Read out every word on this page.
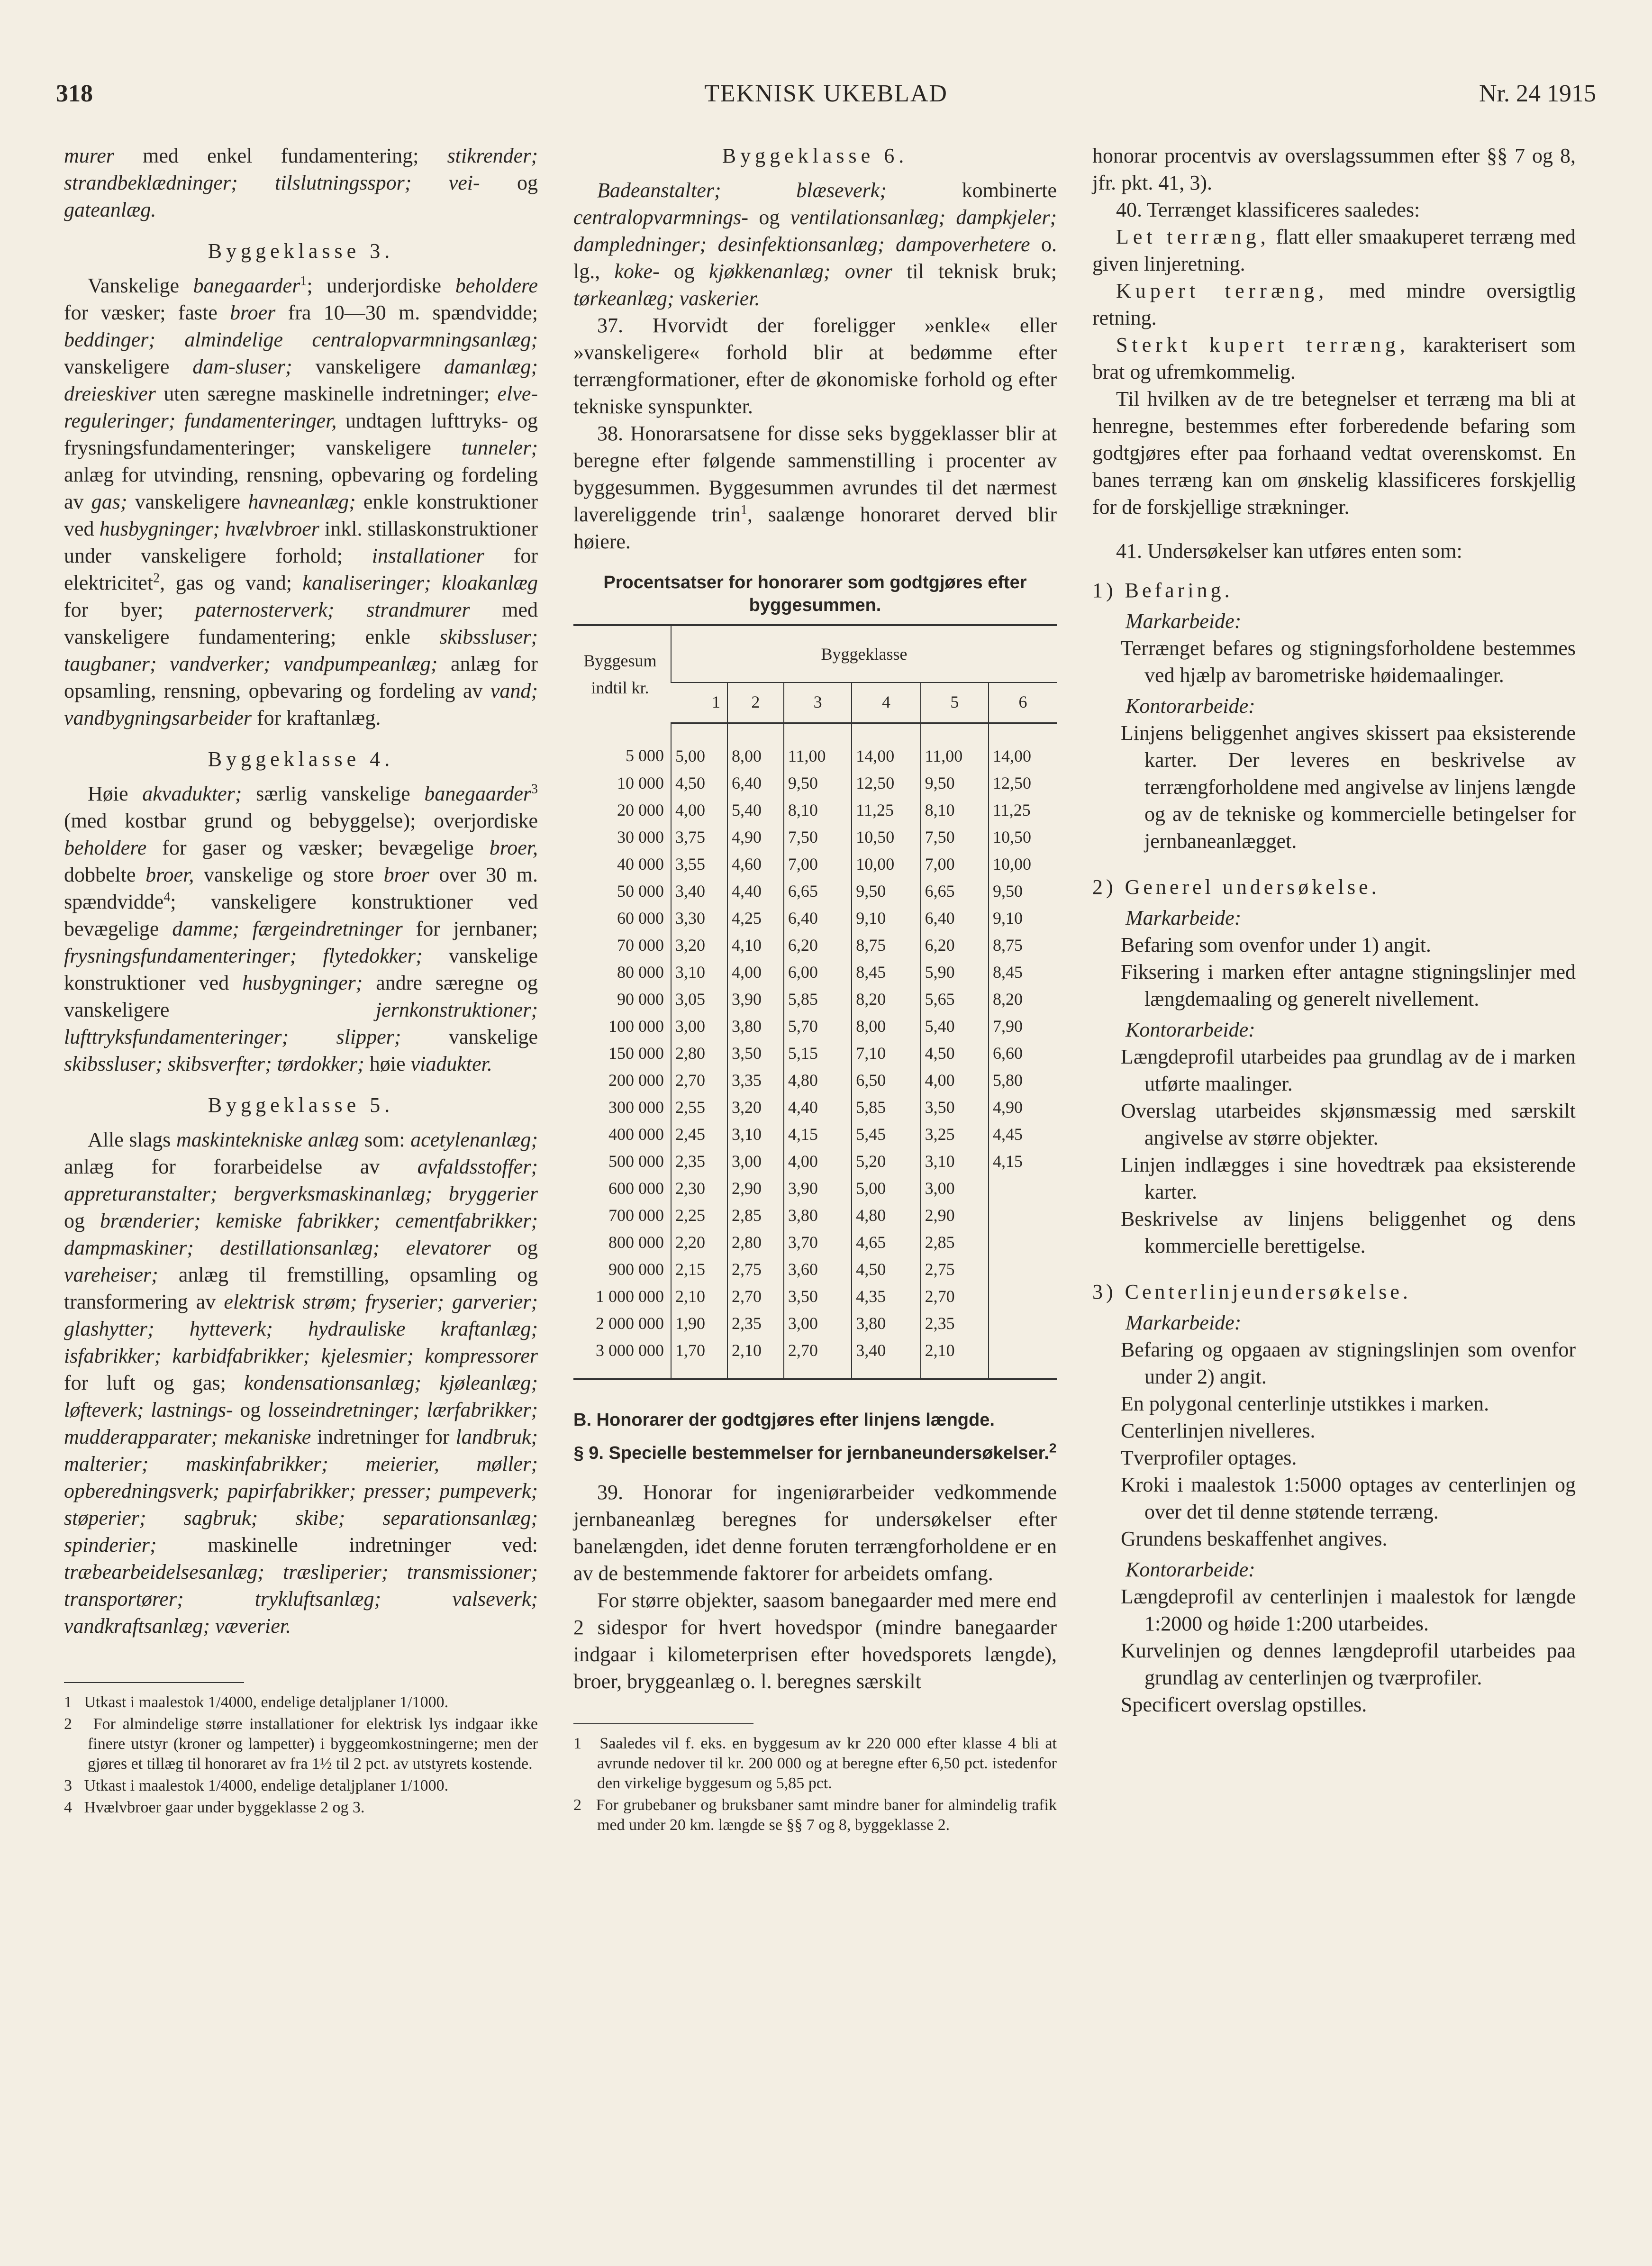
318	TEKNISK UKEBLAD	Nr. 24 1915

murer med enkel fundamentering; stikrender; strandbeklædninger; tilslutningsspor; vei- og gateanlæg.

Byggeklasse 3.

Vanskelige banegaarder$^1$; underjordiske beholdere for væsker; faste broer fra 10—30 m. spændvidde; beddinger; almindelige centralopvarmningsanlæg; vanskeligere dam-sluser; vanskeligere damanlæg; dreieskiver uten særegne maskinelle indretninger; elve-reguleringer; fundamenteringer, undtagen lufttryks- og frysningsfundamenteringer; vanskeligere tunneler; anlæg for utvinding, rensning, opbevaring og fordeling av gas; vanskeligere havneanlæg; enkle konstruktioner ved husbygninger; hvælvbroer inkl. stillaskonstruktioner under vanskeligere forhold; installationer for elektricitet$^2$, gas og vand; kanaliseringer; kloakanlæg for byer; paternosterverk; strandmurer med vanskeligere fundamentering; enkle skibssluser; taugbaner; vandverker; vandpumpeanlæg; anlæg for opsamling, rensning, opbevaring og fordeling av vand; vandbygningsarbeider for kraftanlæg.

Byggeklasse 4.

Høie akvadukter; særlig vanskelige banegaarder$^3$ (med kostbar grund og bebyggelse); overjordiske beholdere for gaser og væsker; bevægelige broer, dobbelte broer, vanskelige og store broer over 30 m. spændvidde$^4$; vanskeligere konstruktioner ved bevægelige damme; færgeindretninger for jernbaner; frysningsfundamenteringer; flytedokker; vanskelige konstruktioner ved husbygninger; andre særegne og vanskeligere jernkonstruktioner; lufttryksfundamenteringer; slipper; vanskelige skibssluser; skibsverfter; tørdokker; høie viadukter.

Byggeklasse 5.

Alle slags maskintekniske anlæg som: acetylenanlæg; anlæg for forarbeidelse av avfaldsstoffer; appreturanstalter; bergverksmaskinanlæg; bryggerier og brænderier; kemiske fabrikker; cementfabrikker; dampmaskiner; destillationsanlæg; elevatorer og vareheiser; anlæg til fremstilling, opsamling og transformering av elektrisk strøm; fryserier; garverier; glashytter; hytteverk; hydrauliske kraftanlæg; isfabrikker; karbidfabrikker; kjelesmier; kompressorer for luft og gas; kondensationsanlæg; kjøleanlæg; løfteverk; lastnings- og losseindretninger; lærfabrikker; mudderapparater; mekaniske indretninger for landbruk; malterier; maskinfabrikker; meierier, møller; opberedningsverk; papirfabrikker; presser; pumpeverk; støperier; sagbruk; skibe; separationsanlæg; spinderier; maskinelle indretninger ved: træbearbeidelsesanlæg; træsliperier; transmissioner; transportører; trykluftsanlæg; valseverk; vandkraftsanlæg; væverier.

1   Utkast i maalestok 1/4000, endelige detaljplaner 1/1000.
2   For almindelige større installationer for elektrisk lys indgaar ikke finere utstyr (kroner og lampetter) i byggeomkostningerne; men der gjøres et tillæg til honoraret av fra 1½ til 2 pct. av utstyrets kostende.
3   Utkast i maalestok 1/4000, endelige detaljplaner 1/1000.
4   Hvælvbroer gaar under byggeklasse 2 og 3.
Byggeklasse 6.

Badeanstalter; blæseverk; kombinerte centralopvarmnings- og ventilationsanlæg; dampkjeler; dampledninger; desinfektionsanlæg; dampoverhetere o. lg., koke- og kjøkkenanlæg; ovner til teknisk bruk; tørkeanlæg; vaskerier.

37. Hvorvidt der foreligger »enkle« eller »vanskeligere« forhold blir at bedømme efter terrængformationer, efter de økonomiske forhold og efter tekniske synspunkter.

38. Honorarsatsene for disse seks byggeklasser blir at beregne efter følgende sammenstilling i procenter av byggesummen. Byggesummen avrundes til det nærmest lavereliggende trin$^1$, saalænge honoraret derved blir høiere.

Procentsatser for honorarer som godtgjøres efter byggesummen.
Byggesum indtil kr.	Byggeklasse					
	1	2	3	4	5	6
5 000	5,00	8,00	11,00	14,00	11,00	14,00
10 000	4,50	6,40	9,50	12,50	9,50	12,50
20 000	4,00	5,40	8,10	11,25	8,10	11,25
30 000	3,75	4,90	7,50	10,50	7,50	10,50
40 000	3,55	4,60	7,00	10,00	7,00	10,00
50 000	3,40	4,40	6,65	9,50	6,65	9,50
60 000	3,30	4,25	6,40	9,10	6,40	9,10
70 000	3,20	4,10	6,20	8,75	6,20	8,75
80 000	3,10	4,00	6,00	8,45	5,90	8,45
90 000	3,05	3,90	5,85	8,20	5,65	8,20
100 000	3,00	3,80	5,70	8,00	5,40	7,90
150 000	2,80	3,50	5,15	7,10	4,50	6,60
200 000	2,70	3,35	4,80	6,50	4,00	5,80
300 000	2,55	3,20	4,40	5,85	3,50	4,90
400 000	2,45	3,10	4,15	5,45	3,25	4,45
500 000	2,35	3,00	4,00	5,20	3,10	4,15
600 000	2,30	2,90	3,90	5,00	3,00	
700 000	2,25	2,85	3,80	4,80	2,90	
800 000	2,20	2,80	3,70	4,65	2,85	
900 000	2,15	2,75	3,60	4,50	2,75	
1 000 000	2,10	2,70	3,50	4,35	2,70	
2 000 000	1,90	2,35	3,00	3,80	2,35	
3 000 000	1,70	2,10	2,70	3,40	2,10	
B. Honorarer der godtgjøres efter linjens længde.
§ 9. Specielle bestemmelser for jernbaneundersøkelser.$^2$

39. Honorar for ingeniørarbeider vedkommende jernbaneanlæg beregnes for undersøkelser efter banelængden, idet denne foruten terrængforholdene er en av de bestemmende faktorer for arbeidets omfang.

For større objekter, saasom banegaarder med mere end 2 sidespor for hvert hovedspor (mindre banegaarder indgaar i kilometerprisen efter hovedsporets længde), broer, bryggeanlæg o. l. beregnes særskilt

1   Saaledes vil f. eks. en byggesum av kr 220 000 efter klasse 4 bli at avrunde nedover til kr. 200 000 og at beregne efter 6,50 pct. istedenfor den virkelige byggesum og 5,85 pct.
2   For grubebaner og bruksbaner samt mindre baner for almindelig trafik med under 20 km. længde se §§ 7 og 8, byggeklasse 2.

honorar procentvis av overslagssummen efter §§ 7 og 8, jfr. pkt. 41, 3).

40. Terrænget klassificeres saaledes:

Let terræng, flatt eller smaakuperet terræng med given linjeretning.

Kupert terræng, med mindre oversigtlig retning.

Sterkt kupert terræng, karakterisert som brat og ufremkommelig.

Til hvilken av de tre betegnelser et terræng ma bli at henregne, bestemmes efter forberedende befaring som godtgjøres efter paa forhaand vedtat overenskomst. En banes terræng kan om ønskelig klassificeres forskjellig for de forskjellige strækninger.

41. Undersøkelser kan utføres enten som:

1) Befaring.
Markarbeide:

Terrænget befares og stigningsforholdene bestemmes ved hjælp av barometriske høidemaalinger.

Kontorarbeide:

Linjens beliggenhet angives skissert paa eksisterende karter. Der leveres en beskrivelse av terrængforholdene med angivelse av linjens længde og av de tekniske og kommercielle betingelser for jernbaneanlægget.

2) Generel undersøkelse.
Markarbeide:

Befaring som ovenfor under 1) angit.

Fiksering i marken efter antagne stigningslinjer med længdemaaling og generelt nivellement.

Kontorarbeide:

Længdeprofil utarbeides paa grundlag av de i marken utførte maalinger.

Overslag utarbeides skjønsmæssig med særskilt angivelse av større objekter.

Linjen indlægges i sine hovedtræk paa eksisterende karter.

Beskrivelse av linjens beliggenhet og dens kommercielle berettigelse.

3) Centerlinjeundersøkelse.
Markarbeide:

Befaring og opgaaen av stigningslinjen som ovenfor under 2) angit.

En polygonal centerlinje utstikkes i marken.

Centerlinjen nivelleres.

Tverprofiler optages.

Kroki i maalestok 1:5000 optages av centerlinjen og over det til denne støtende terræng.

Grundens beskaffenhet angives.

Kontorarbeide:

Længdeprofil av centerlinjen i maalestok for længde 1:2000 og høide 1:200 utarbeides.

Kurvelinjen og dennes længdeprofil utarbeides paa grundlag av centerlinjen og tværprofiler.

Specificert overslag opstilles.
